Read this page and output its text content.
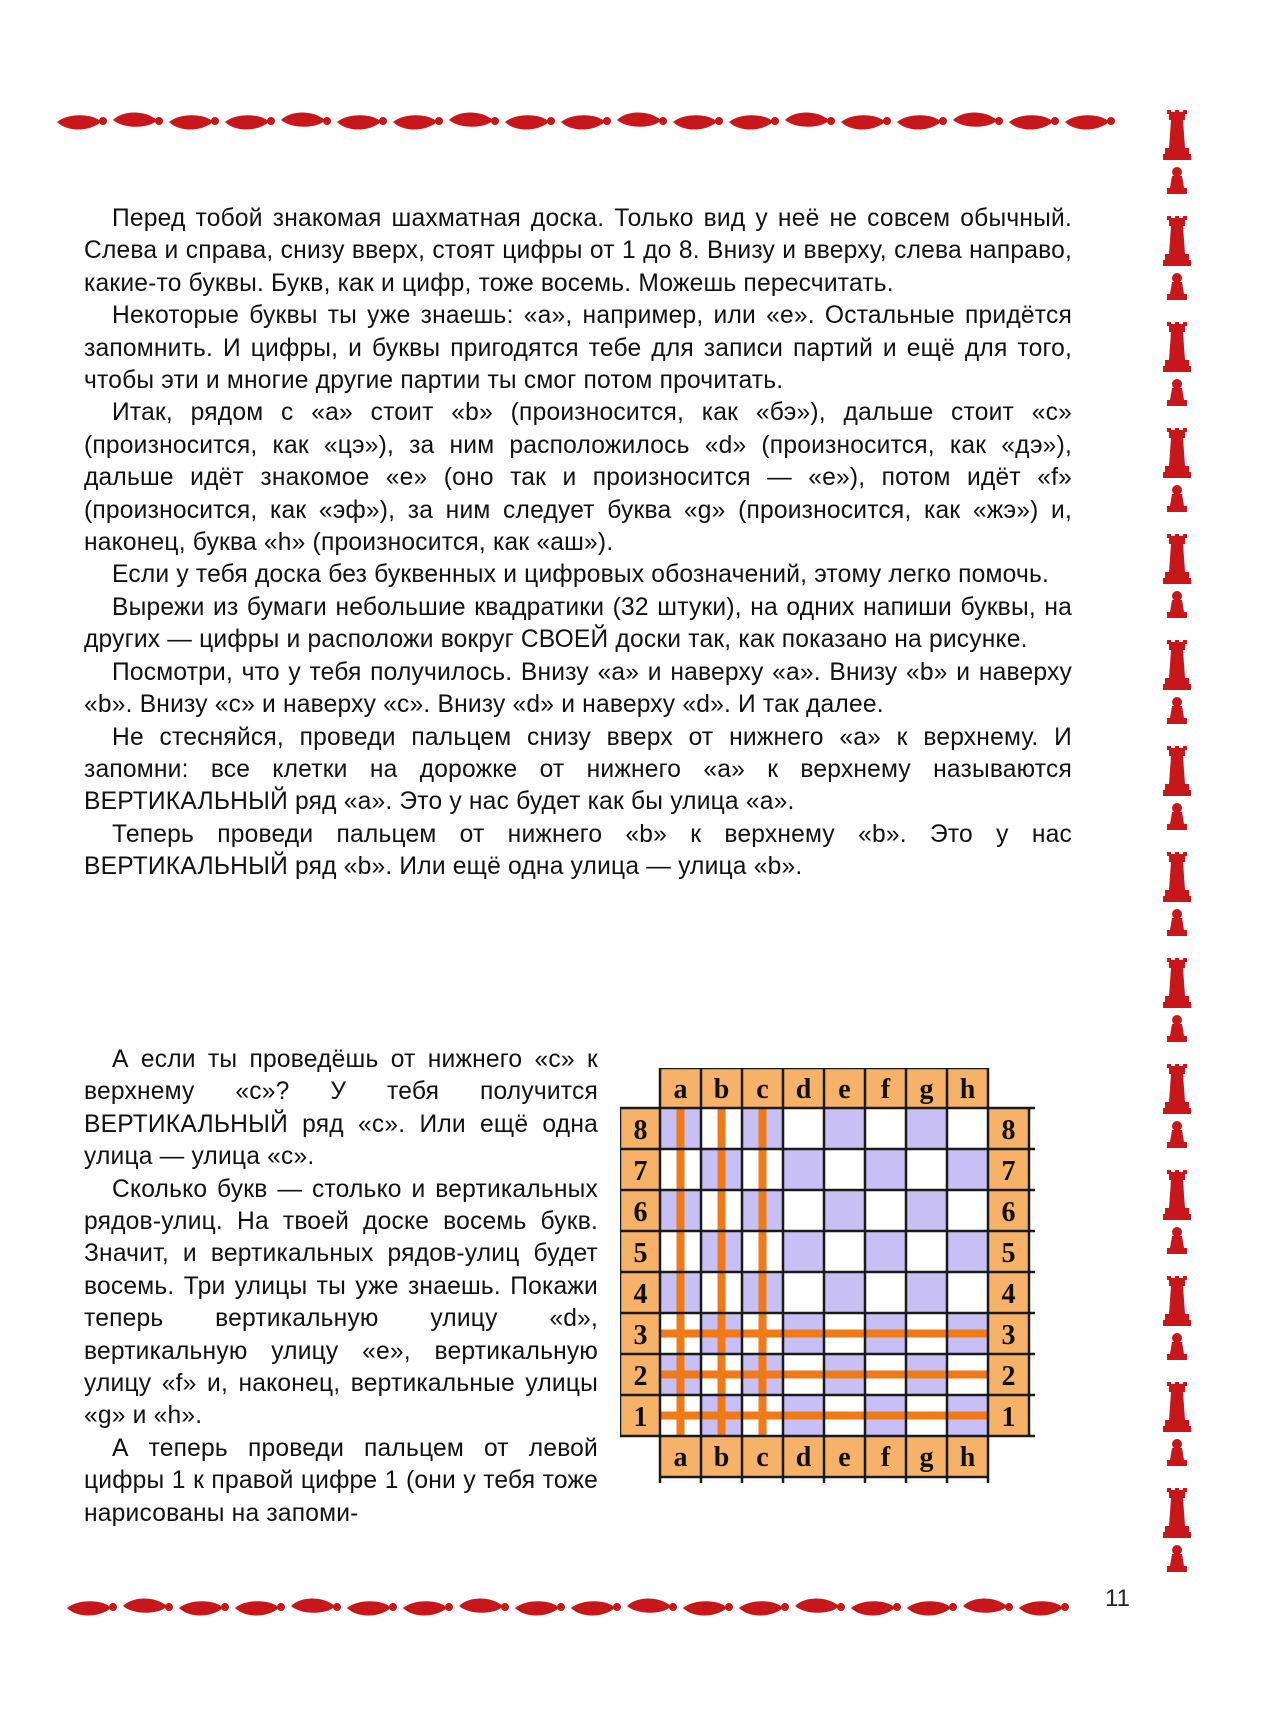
Перед тобой знакомая шахматная доска. Только вид у неё не совсем обычный. Слева и справа, снизу вверх, стоят цифры от 1 до 8. Внизу и вверху, слева направо, какие-то буквы. Букв, как и цифр, тоже восемь. Можешь пересчитать.

Некоторые буквы ты уже знаешь: «a», например, или «e». Остальные придётся запомнить. И цифры, и буквы пригодятся тебе для записи партий и ещё для того, чтобы эти и многие другие партии ты смог потом прочитать.

Итак, рядом с «a» стоит «b» (произносится, как «бэ»), дальше стоит «c» (произносится, как «цэ»), за ним расположилось «d» (произносится, как «дэ»), дальше идёт знакомое «e» (оно так и произносится — «e»), потом идёт «f» (произносится, как «эф»), за ним следует буква «g» (произносится, как «жэ») и, наконец, буква «h» (произносится, как «аш»).

Если у тебя доска без буквенных и цифровых обозначений, этому легко помочь.

Вырежи из бумаги небольшие квадратики (32 штуки), на одних напиши буквы, на других — цифры и расположи вокруг СВОЕЙ доски так, как показано на рисунке.

Посмотри, что у тебя получилось. Внизу «a» и наверху «a». Внизу «b» и наверху «b». Внизу «c» и наверху «c». Внизу «d» и наверху «d». И так далее.

Не стесняйся, проведи пальцем снизу вверх от нижнего «a» к верхнему. И запомни: все клетки на дорожке от нижнего «a» к верхнему называются ВЕРТИКАЛЬНЫЙ ряд «a». Это у нас будет как бы улица «a».

Теперь проведи пальцем от нижнего «b» к верхнему «b». Это у нас ВЕРТИКАЛЬНЫЙ ряд «b». Или ещё одна улица — улица «b».

А если ты проведёшь от нижнего «c» к верхнему «c»? У тебя получится ВЕРТИКАЛЬНЫЙ ряд «c». Или ещё одна улица — улица «c».

Сколько букв — столько и вертикальных рядов-улиц. На твоей доске восемь букв. Значит, и вертикальных рядов-улиц будет восемь. Три улицы ты уже знаешь. Покажи теперь вертикальную улицу «d», вертикальную улицу «e», вертикальную улицу «f» и, наконец, вертикальные улицы «g» и «h».

А теперь проведи пальцем от левой цифры 1 к правой цифре 1 (они у тебя тоже нарисованы на запоми-

a
a
b
b
c
c
d
d
e
e
f
f
g
g
h
h
8	8
7	7
6	6
5	5
4	4
3	3
2	2
1	1
11
